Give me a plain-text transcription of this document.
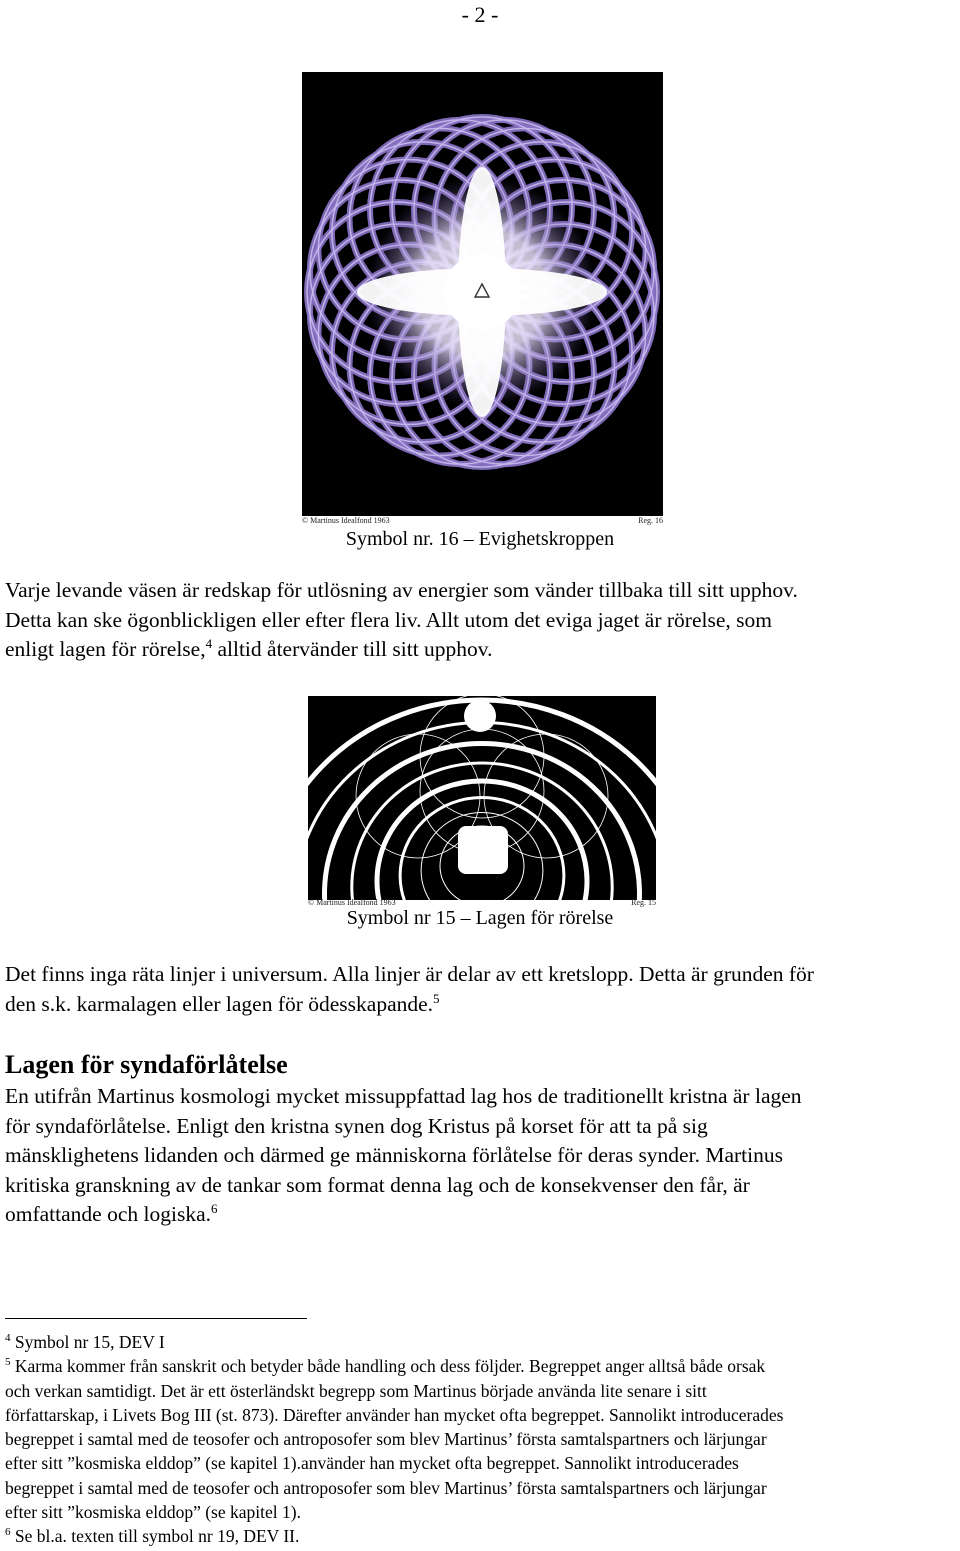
- 2 -
© Martinus Idealfond 1963	Reg. 16
Symbol nr. 16 – Evighetskroppen
Varje levande väsen är redskap för utlösning av energier som vänder tillbaka till sitt upphov.
Detta kan ske ögonblickligen eller efter flera liv. Allt utom det eviga jaget är rörelse, som
enligt lagen för rörelse,$^4$ alltid återvänder till sitt upphov.
© Martinus Idealfond 1963	Reg. 15
Symbol nr 15 – Lagen för rörelse
Det finns inga räta linjer i universum. Alla linjer är delar av ett kretslopp. Detta är grunden för
den s.k. karmalagen eller lagen för ödesskapande.$^5$
Lagen för syndaförlåtelse
En utifrån Martinus kosmologi mycket missuppfattad lag hos de traditionellt kristna är lagen
för syndaförlåtelse. Enligt den kristna synen dog Kristus på korset för att ta på sig
mänsklighetens lidanden och därmed ge människorna förlåtelse för deras synder. Martinus
kritiska granskning av de tankar som format denna lag och de konsekvenser den får, är
omfattande och logiska.$^6$
$^4$ Symbol nr 15, DEV I
$^5$ Karma kommer från sanskrit och betyder både handling och dess följder. Begreppet anger alltså både orsak
och verkan samtidigt. Det är ett österländskt begrepp som Martinus började använda lite senare i sitt
författarskap, i Livets Bog III (st. 873). Därefter använder han mycket ofta begreppet. Sannolikt introducerades
begreppet i samtal med de teosofer och antroposofer som blev Martinus’ första samtalspartners och lärjungar
efter sitt ”kosmiska elddop” (se kapitel 1).använder han mycket ofta begreppet. Sannolikt introducerades
begreppet i samtal med de teosofer och antroposofer som blev Martinus’ första samtalspartners och lärjungar
efter sitt ”kosmiska elddop” (se kapitel 1).
$^6$ Se bl.a. texten till symbol nr 19, DEV II.
